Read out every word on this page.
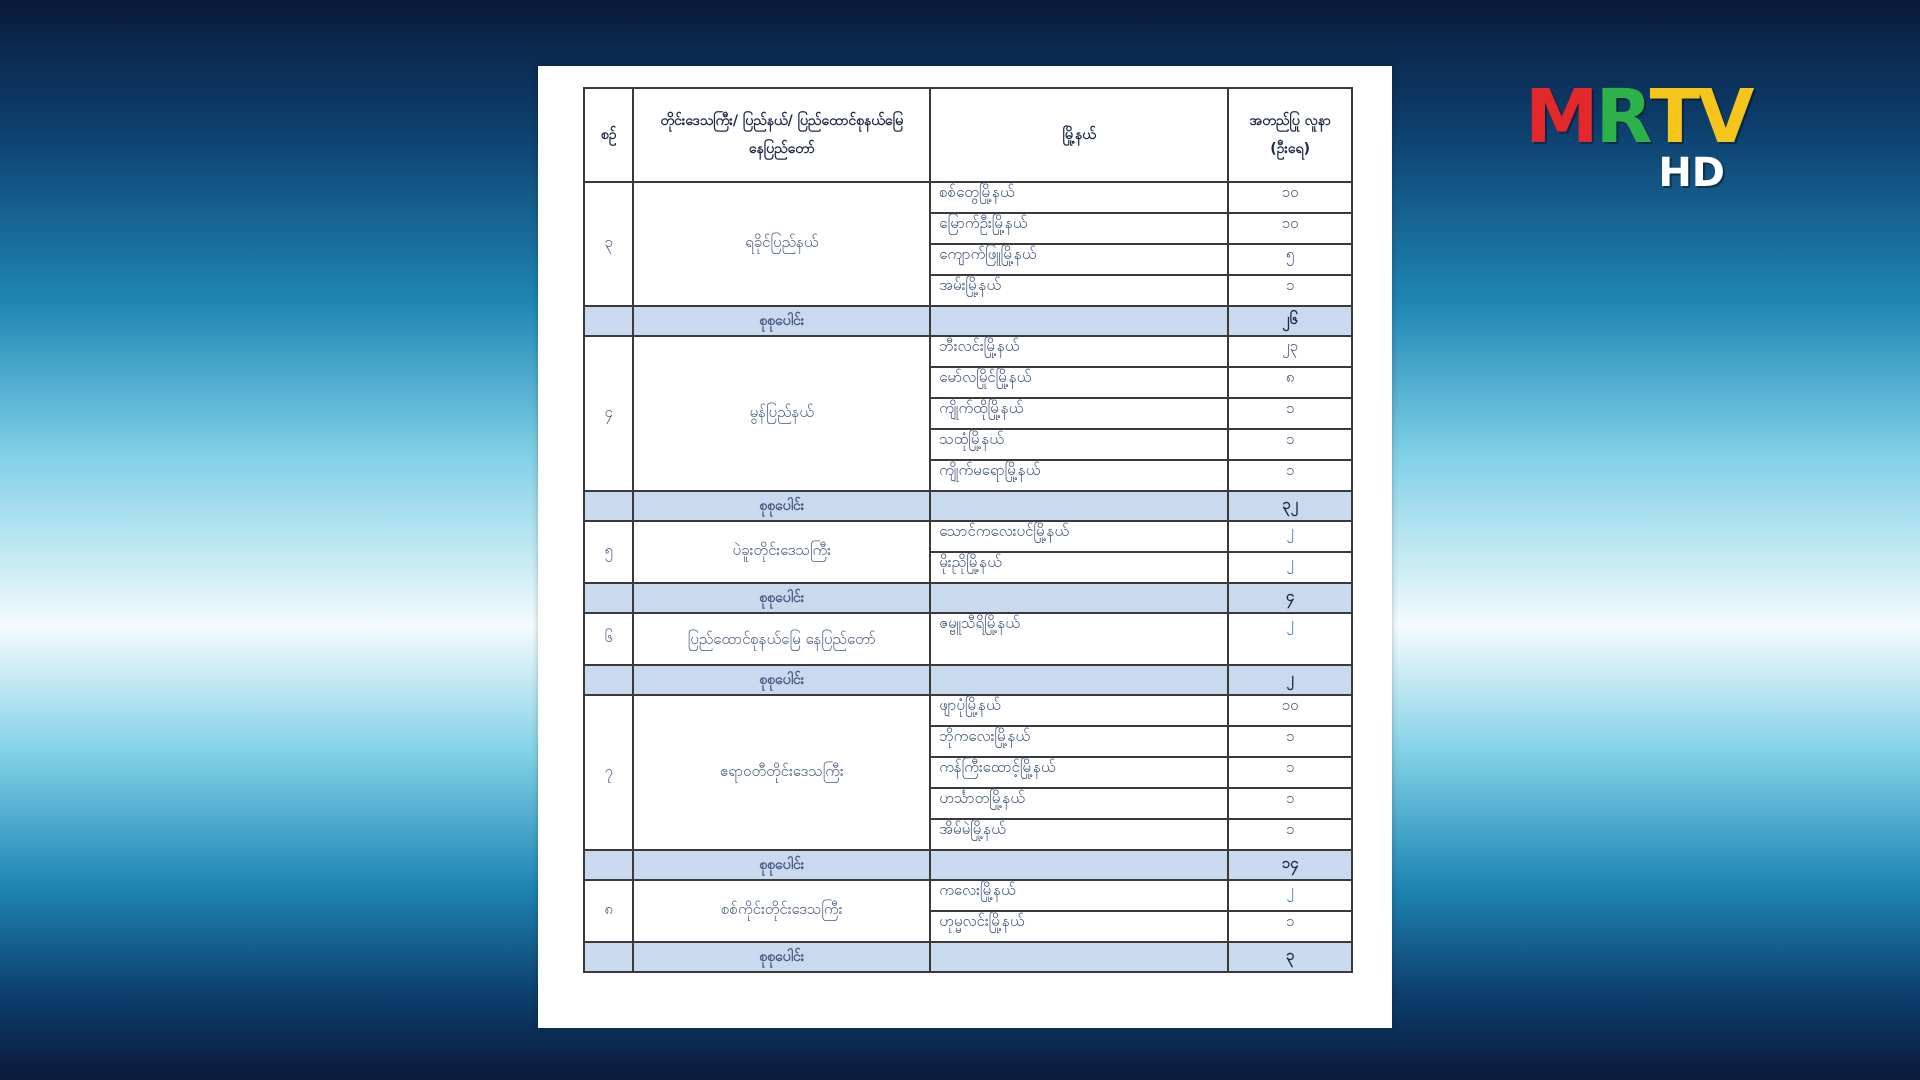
M R T V
HD
စဉ်	တိုင်းဒေသကြီး/ ပြည်နယ်/ ပြည်ထောင်စုနယ်မြေ နေပြည်တော်	မြို့နယ်	အတည်ပြု လူနာ (ဦးရေ)
၃	ရခိုင်ပြည်နယ်	စစ်တွေမြို့နယ်	၁၀
		မြောက်ဦးမြို့နယ်	၁၀
		ကျောက်ဖြူမြို့နယ်	၅
		အမ်းမြို့နယ်	၁
	စုစုပေါင်း		၂၆
၄	မွန်ပြည်နယ်	ဘီးလင်းမြို့နယ်	၂၃
		မော်လမြိုင်မြို့နယ်	၈
		ကျိုက်ထိုမြို့နယ်	၁
		သထုံမြို့နယ်	၁
		ကျိုက်မရောမြို့နယ်	၁
	စုစုပေါင်း		၃၂
၅	ပဲခူးတိုင်းဒေသကြီး	သောင်ကလေးပင်မြို့နယ်	၂
		မိုးညိုမြို့နယ်	၂
	စုစုပေါင်း		၄
၆	ပြည်ထောင်စုနယ်မြေ နေပြည်တော်	ဇမ္ဗူသီရိမြို့နယ်	၂
	စုစုပေါင်း		၂
၇	ဧရာဝတီတိုင်းဒေသကြီး	ဖျာပုံမြို့နယ်	၁၀
		ဘိုကလေးမြို့နယ်	၁
		ကန်ကြီးထောင့်မြို့နယ်	၁
		ဟင်္သာတမြို့နယ်	၁
		အိမ်မဲမြို့နယ်	၁
	စုစုပေါင်း		၁၄
၈	စစ်ကိုင်းတိုင်းဒေသကြီး	ကလေးမြို့နယ်	၂
		ဟုမ္မလင်းမြို့နယ်	၁
	စုစုပေါင်း		၃
